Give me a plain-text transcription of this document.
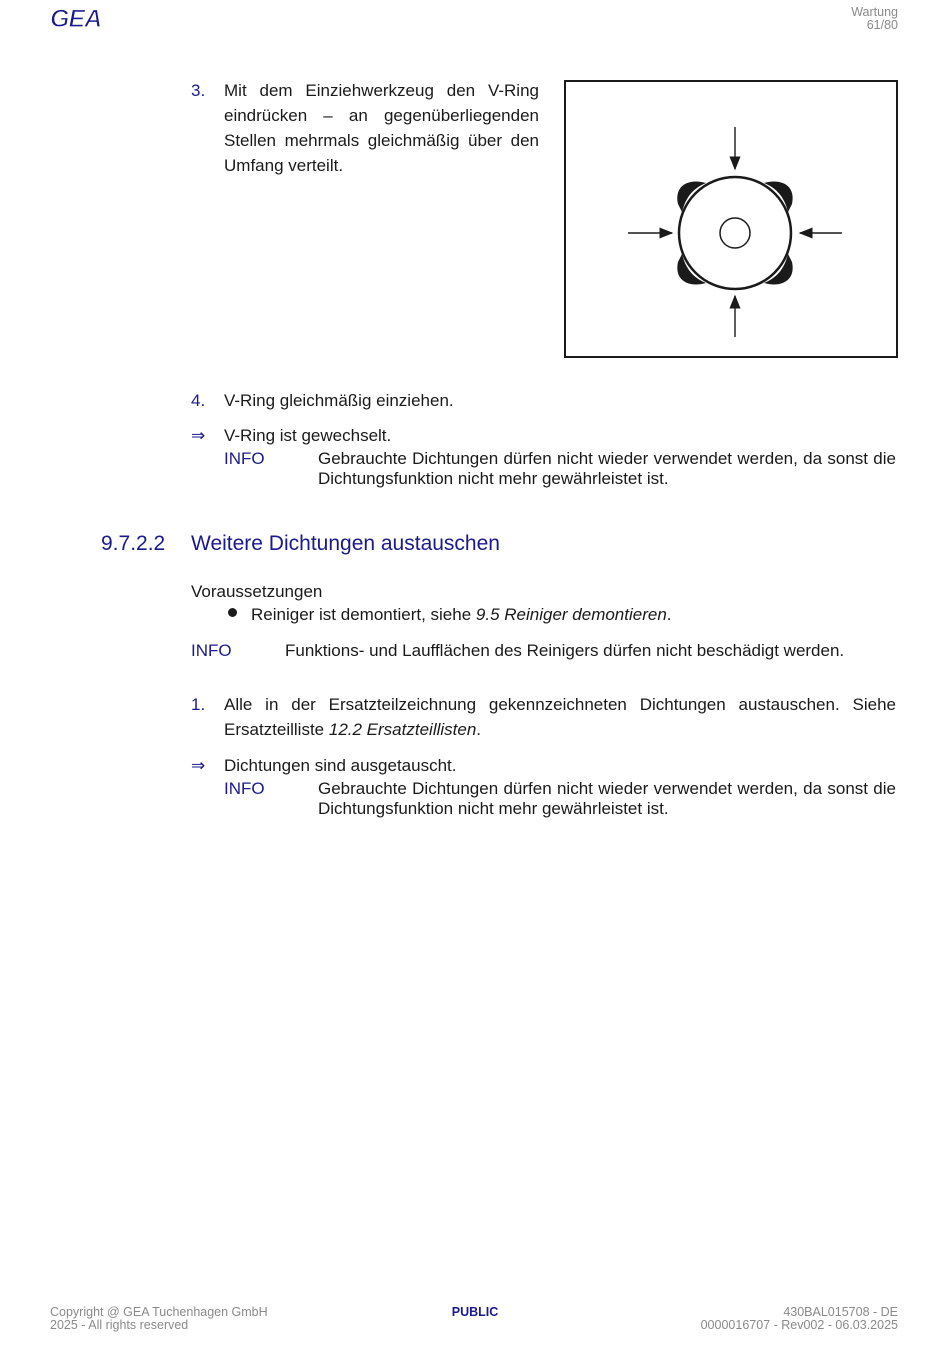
GEA	Wartung
61/80
3. Mit dem Einziehwerkzeug den V-Ring eindrücken – an gegenüberliegenden Stellen mehrmals gleichmäßig über den Umfang verteilt.
4. V-Ring gleichmäßig einziehen.
⇒ V-Ring ist gewechselt.
INFO	Gebrauchte Dichtungen dürfen nicht wieder verwendet werden, da sonst die Dichtungsfunktion nicht mehr gewährleistet ist.
9.7.2.2 Weitere Dichtungen austauschen
Voraussetzungen
Reiniger ist demontiert, siehe 9.5 Reiniger demontieren.
INFO	Funktions- und Laufflächen des Reinigers dürfen nicht beschädigt werden.
1. Alle in der Ersatzteilzeichnung gekennzeichneten Dichtungen austauschen. Siehe Ersatzteilliste 12.2 Ersatzteillisten.
⇒ Dichtungen sind ausgetauscht.
INFO	Gebrauchte Dichtungen dürfen nicht wieder verwendet werden, da sonst die Dichtungsfunktion nicht mehr gewährleistet ist.
Copyright @ GEA Tuchenhagen GmbH
2025 - All rights reserved
PUBLIC	430BAL015708 - DE
0000016707 - Rev002 - 06.03.2025
